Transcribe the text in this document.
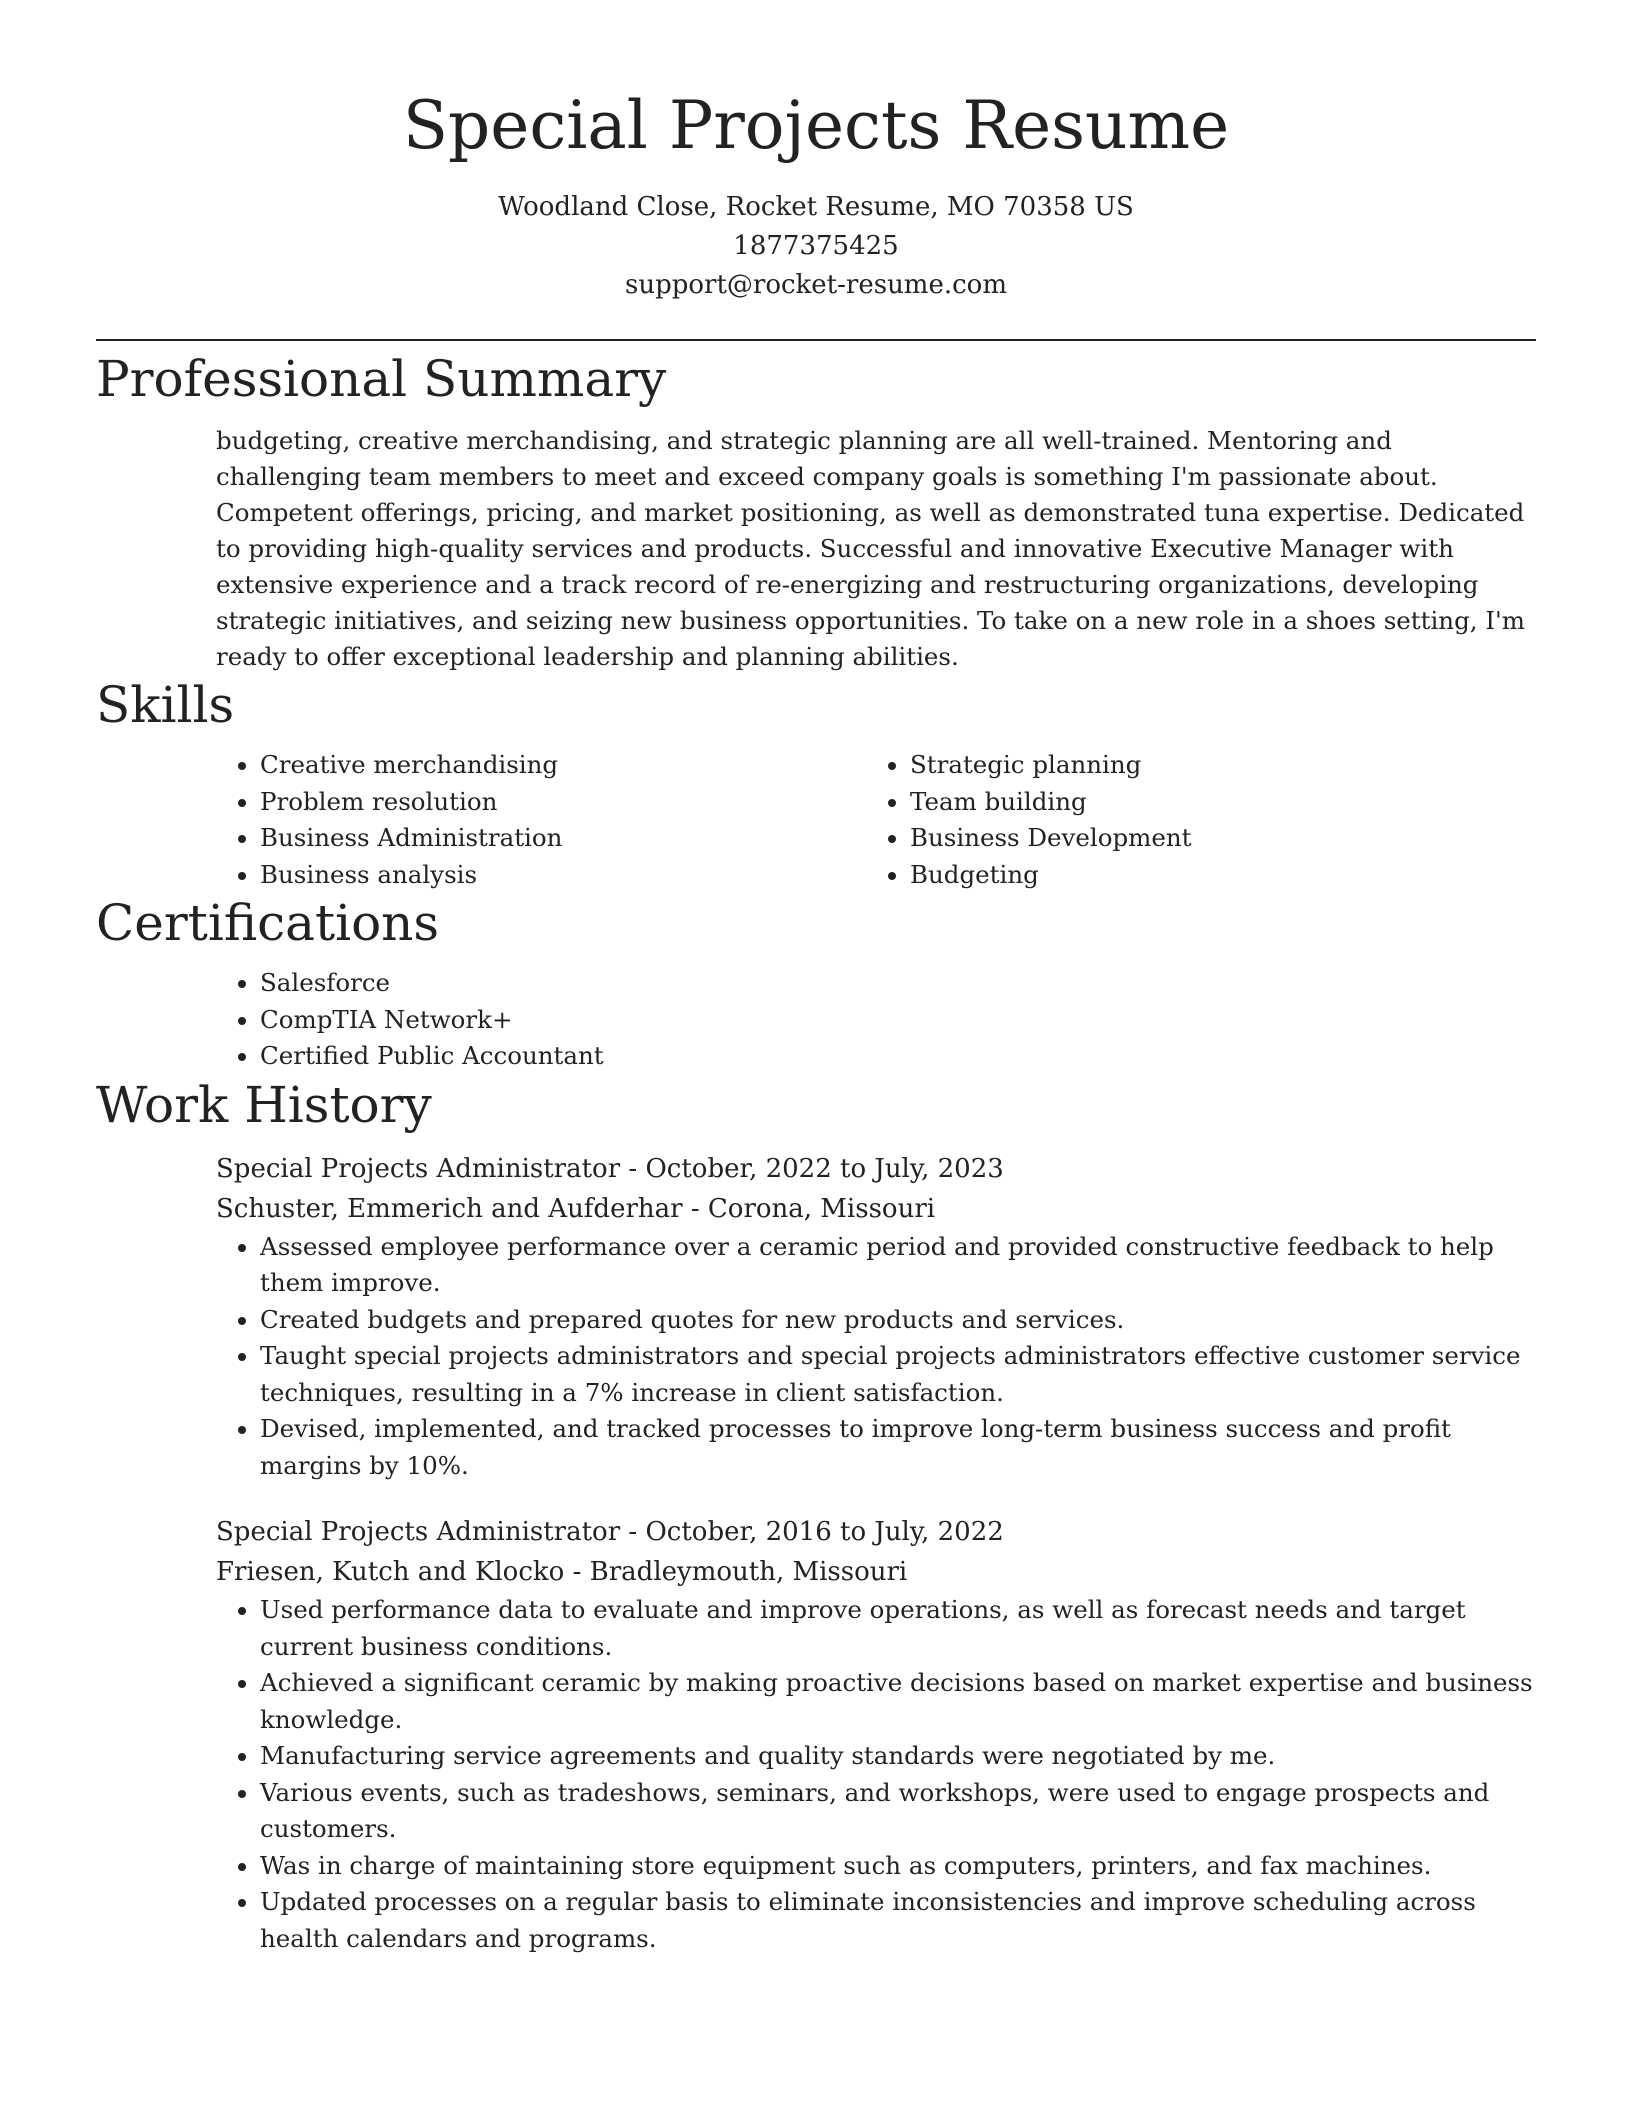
Special Projects Resume
Woodland Close, Rocket Resume, MO 70358 US
1877375425
support@rocket-resume.com
Professional Summary
budgeting, creative merchandising, and strategic planning are all well-trained. Mentoring and challenging team members to meet and exceed company goals is something I'm passionate about. Competent offerings, pricing, and market positioning, as well as demonstrated tuna expertise. Dedicated to providing high-quality services and products. Successful and innovative Executive Manager with extensive experience and a track record of re-energizing and restructuring organizations, developing strategic initiatives, and seizing new business opportunities. To take on a new role in a shoes setting, I'm ready to offer exceptional leadership and planning abilities.
Skills
• Creative merchandising
• Problem resolution
• Business Administration
• Business analysis
• Strategic planning
• Team building
• Business Development
• Budgeting
Certifications
• Salesforce
• CompTIA Network+
• Certified Public Accountant
Work History
Special Projects Administrator - October, 2022 to July, 2023
Schuster, Emmerich and Aufderhar - Corona, Missouri
• Assessed employee performance over a ceramic period and provided constructive feedback to help them improve.
• Created budgets and prepared quotes for new products and services.
• Taught special projects administrators and special projects administrators effective customer service techniques, resulting in a 7% increase in client satisfaction.
• Devised, implemented, and tracked processes to improve long-term business success and profit margins by 10%.
Special Projects Administrator - October, 2016 to July, 2022
Friesen, Kutch and Klocko - Bradleymouth, Missouri
• Used performance data to evaluate and improve operations, as well as forecast needs and target current business conditions.
• Achieved a significant ceramic by making proactive decisions based on market expertise and business knowledge.
• Manufacturing service agreements and quality standards were negotiated by me.
• Various events, such as tradeshows, seminars, and workshops, were used to engage prospects and customers.
• Was in charge of maintaining store equipment such as computers, printers, and fax machines.
• Updated processes on a regular basis to eliminate inconsistencies and improve scheduling across health calendars and programs.
